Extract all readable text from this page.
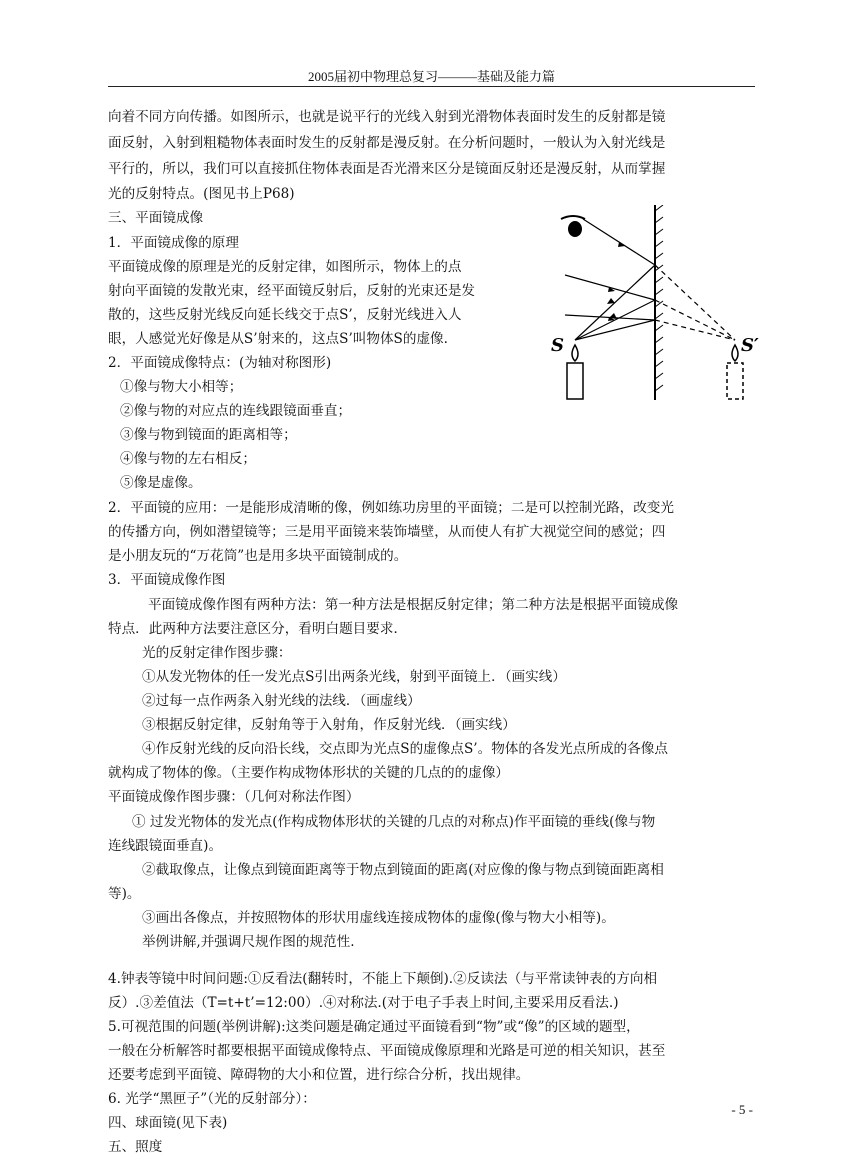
2005届初中物理总复习———基础及能力篇
向着不同方向传播。如图所示，也就是说平行的光线入射到光滑物体表面时发生的反射都是镜
面反射，入射到粗糙物体表面时发生的反射都是漫反射。在分析问题时，一般认为入射光线是
平行的，所以，我们可以直接抓住物体表面是否光滑来区分是镜面反射还是漫反射，从而掌握
光的反射特点。(图见书上P68)
三、平面镜成像
1．平面镜成像的原理
平面镜成像的原理是光的反射定律，如图所示，物体上的点
射向平面镜的发散光束，经平面镜反射后，反射的光束还是发
散的，这些反射光线反向延长线交于点S’，反射光线进入人
眼，人感觉光好像是从S’射来的，这点S’叫物体S的虚像.
2．平面镜成像特点：(为轴对称图形)
①像与物大小相等；
②像与物的对应点的连线跟镜面垂直；
③像与物到镜面的距离相等；
④像与物的左右相反；
⑤像是虚像。
2．平面镜的应用：一是能形成清晰的像，例如练功房里的平面镜；二是可以控制光路，改变光
的传播方向，例如潜望镜等；三是用平面镜来装饰墙壁，从而使人有扩大视觉空间的感觉；四
是小朋友玩的“万花筒”也是用多块平面镜制成的。
3．平面镜成像作图
平面镜成像作图有两种方法：第一种方法是根据反射定律；第二种方法是根据平面镜成像
特点．此两种方法要注意区分，看明白题目要求．
光的反射定律作图步骤：
①从发光物体的任一发光点S引出两条光线，射到平面镜上．（画实线）
②过每一点作两条入射光线的法线．（画虚线）
③根据反射定律，反射角等于入射角，作反射光线．（画实线）
④作反射光线的反向沿长线，交点即为光点S的虚像点S’。物体的各发光点所成的各像点
就构成了物体的像。（主要作构成物体形状的关键的几点的的虚像）
平面镜成像作图步骤：（几何对称法作图）
① 过发光物体的发光点(作构成物体形状的关键的几点的对称点)作平面镜的垂线(像与物
连线跟镜面垂直)。
②截取像点，让像点到镜面距离等于物点到镜面的距离(对应像的像与物点到镜面距离相
等)。
③画出各像点，并按照物体的形状用虚线连接成物体的虚像(像与物大小相等)。
举例讲解,并强调尺规作图的规范性.
4.钟表等镜中时间问题:①反看法(翻转时，不能上下颠倒).②反读法（与平常读钟表的方向相
反）.③差值法（T=t+t’=12:00）.④对称法.(对于电子手表上时间,主要采用反看法.)
5.可视范围的问题(举例讲解):这类问题是确定通过平面镜看到“物”或“像”的区域的题型，
一般在分析解答时都要根据平面镜成像特点、平面镜成像原理和光路是可逆的相关知识，甚至
还要考虑到平面镜、障碍物的大小和位置，进行综合分析，找出规律。
6. 光学“黑匣子”（光的反射部分）：
四、球面镜(见下表)
五、照度
S	S′
- 5 -
